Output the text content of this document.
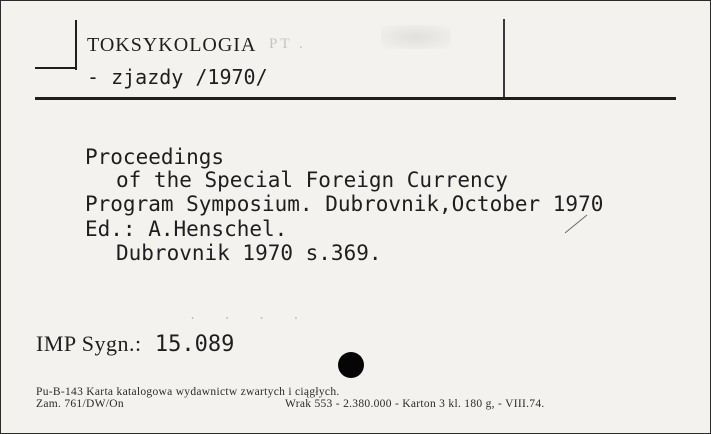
TOKSYKOLOGIA PT .
- zjazdy /1970/
Proceedings
of the Special Foreign Currency
Program Symposium. Dubrovnik,October 1970
Ed.: A.Henschel.
Dubrovnik 1970 s.369.
. . . .
IMP Sygn.: 15.089
Pu-B-143 Karta katalogowa wydawnictw zwartych i ciągłych.
Zam. 761/DW/On	Wrak 553 - 2.380.000 - Karton 3 kl. 180 g, - VIII.74.
